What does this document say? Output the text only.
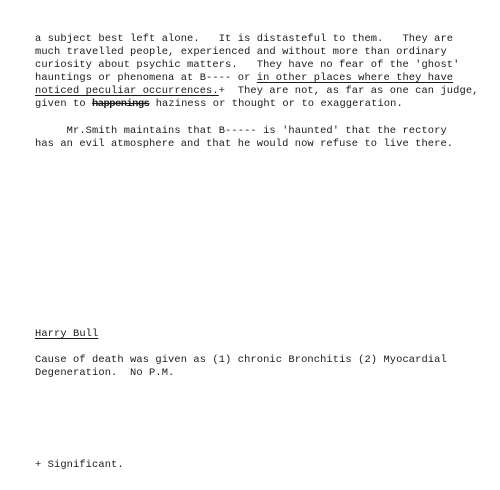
a subject best left alone.   It is distasteful to them.   They are
much travelled people, experienced and without more than ordinary
curiosity about psychic matters.   They have no fear of the 'ghost'
hauntings or phenomena at B---- or in other places where they have
noticed peculiar occurrences.+  They are not, as far as one can judge,
given to happenings haziness or thought or to exaggeration.
Mr.Smith maintains that B----- is 'haunted' that the rectory
has an evil atmosphere and that he would now refuse to live there.
Harry Bull
Cause of death was given as (1) chronic Bronchitis (2) Myocardial
Degeneration.  No P.M.
+ Significant.
